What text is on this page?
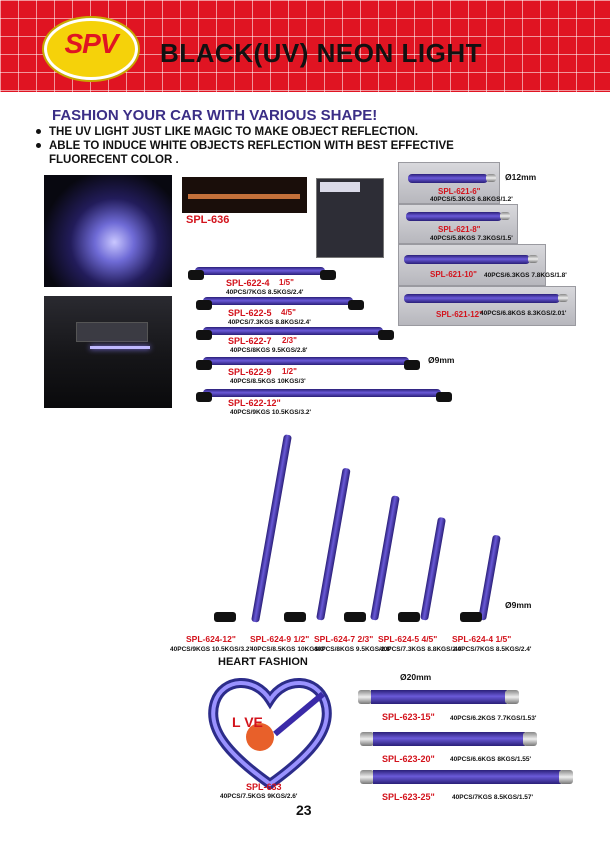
SPV	BLACK(UV) NEON LIGHT
FASHION YOUR CAR WITH VARIOUS SHAPE!
THE UV LIGHT JUST LIKE MAGIC TO MAKE OBJECT REFLECTION.
ABLE TO INDUCE WHITE OBJECTS REFLECTION WITH BEST EFFECTIVE
FLUORECENT COLOR .
SPL-636
Ø12mm
SPL-621-6"
40PCS/5.3KGS 6.8KGS/1.2'
SPL-621-8"
40PCS/5.8KGS 7.3KGS/1.5'
SPL-621-10" 40PCS/6.3KGS 7.8KGS/1.8'
SPL-621-12"
40PCS/6.8KGS 8.3KGS/2.01'
Ø9mm
SPL-622-4 1/5"
40PCS/7KGS 8.5KGS/2.4'
SPL-622-5 4/5"
40PCS/7.3KGS 8.8KGS/2.4'
SPL-622-7 2/3"
40PCS/8KGS 9.5KGS/2.8'
SPL-622-9 1/2"
40PCS/8.5KGS 10KGS/3'
SPL-622-12"
40PCS/9KGS 10.5KGS/3.2'
Ø9mm
SPL-624-12"
40PCS/9KGS 10.5KGS/3.2'
SPL-624-9 1/2"
40PCS/8.5KGS 10KGS/3'
SPL-624-7 2/3"
40PCS/8KGS 9.5KGS/2.8'
SPL-624-5 4/5"
40PCS/7.3KGS 8.8KGS/2.4'
SPL-624-4 1/5"
40PCS/7KGS 8.5KGS/2.4'
HEART FASHION
L VE
SPL-633
40PCS/7.5KGS 9KGS/2.6'
Ø20mm
SPL-623-15" 40PCS/6.2KGS 7.7KGS/1.53'
SPL-623-20" 40PCS/6.6KGS 8KGS/1.55'
SPL-623-25"	40PCS/7KGS 8.5KGS/1.57'
23
